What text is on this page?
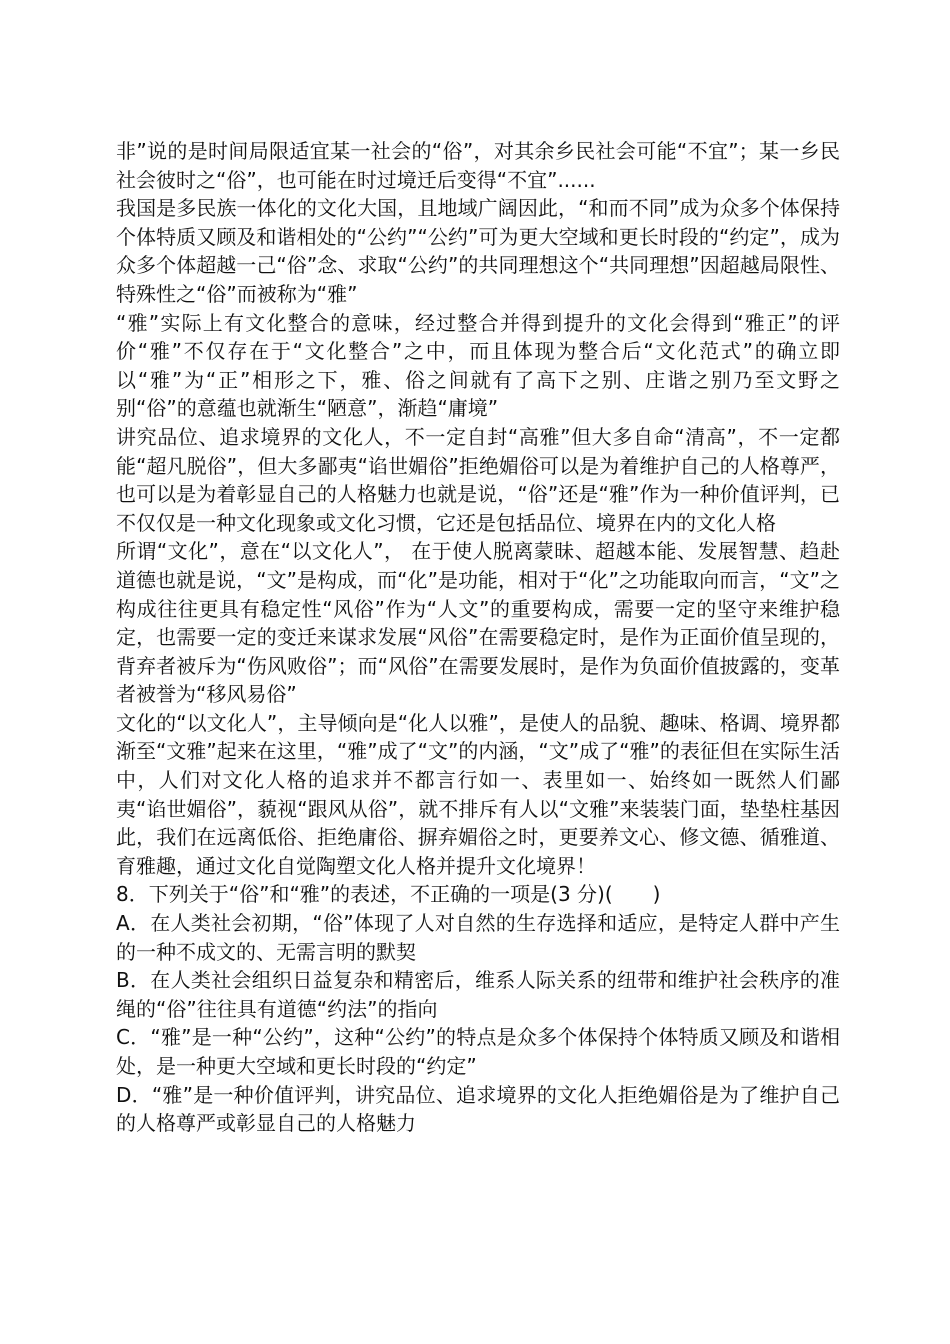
非”说的是时间局限适宜某一社会的“俗”，对其余乡民社会可能“不宜”；某一乡民社会彼时之“俗”，也可能在时过境迁后变得“不宜”......

我国是多民族一体化的文化大国，且地域广阔因此，“和而不同”成为众多个体保持个体特质又顾及和谐相处的“公约”“公约”可为更大空域和更长时段的“约定”，成为众多个体超越一己“俗”念、求取“公约”的共同理想这个“共同理想”因超越局限性、特殊性之“俗”而被称为“雅”

“雅”实际上有文化整合的意味，经过整合并得到提升的文化会得到“雅正”的评价“雅”不仅存在于“文化整合”之中，而且体现为整合后“文化范式”的确立即以“雅”为“正”相形之下，雅、俗之间就有了高下之别、庄谐之别乃至文野之别“俗”的意蕴也就渐生“陋意”，渐趋“庸境”

讲究品位、追求境界的文化人，不一定自封“高雅”但大多自命“清高”，不一定都能“超凡脱俗”，但大多鄙夷“谄世媚俗”拒绝媚俗可以是为着维护自己的人格尊严，也可以是为着彰显自己的人格魅力也就是说，“俗”还是“雅”作为一种价值评判，已不仅仅是一种文化现象或文化习惯，它还是包括品位、境界在内的文化人格

所谓“文化”，意在“以文化人”， 在于使人脱离蒙昧、超越本能、发展智慧、趋赴道德也就是说，“文”是构成，而“化”是功能，相对于“化”之功能取向而言，“文”之构成往往更具有稳定性“风俗”作为“人文”的重要构成，需要一定的坚守来维护稳定，也需要一定的变迁来谋求发展“风俗”在需要稳定时，是作为正面价值呈现的，背弃者被斥为“伤风败俗”；而“风俗”在需要发展时，是作为负面价值披露的，变革者被誉为“移风易俗”

文化的“以文化人”，主导倾向是“化人以雅”，是使人的品貌、趣味、格调、境界都渐至“文雅”起来在这里，“雅”成了“文”的内涵，“文”成了“雅”的表征但在实际生活中，人们对文化人格的追求并不都言行如一、表里如一、始终如一既然人们鄙夷“谄世媚俗”，藐视“跟风从俗”，就不排斥有人以“文雅”来装装门面，垫垫柱基因此，我们在远离低俗、拒绝庸俗、摒弃媚俗之时，更要养文心、修文德、循雅道、育雅趣，通过文化自觉陶塑文化人格并提升文化境界！

8．下列关于“俗”和“雅”的表述，不正确的一项是(3 分)(　　)

A．在人类社会初期，“俗”体现了人对自然的生存选择和适应，是特定人群中产生的一种不成文的、无需言明的默契

B．在人类社会组织日益复杂和精密后，维系人际关系的纽带和维护社会秩序的准绳的“俗”往往具有道德“约法”的指向

C．“雅”是一种“公约”，这种“公约”的特点是众多个体保持个体特质又顾及和谐相处，是一种更大空域和更长时段的“约定”

D．“雅”是一种价值评判，讲究品位、追求境界的文化人拒绝媚俗是为了维护自己的人格尊严或彰显自己的人格魅力
